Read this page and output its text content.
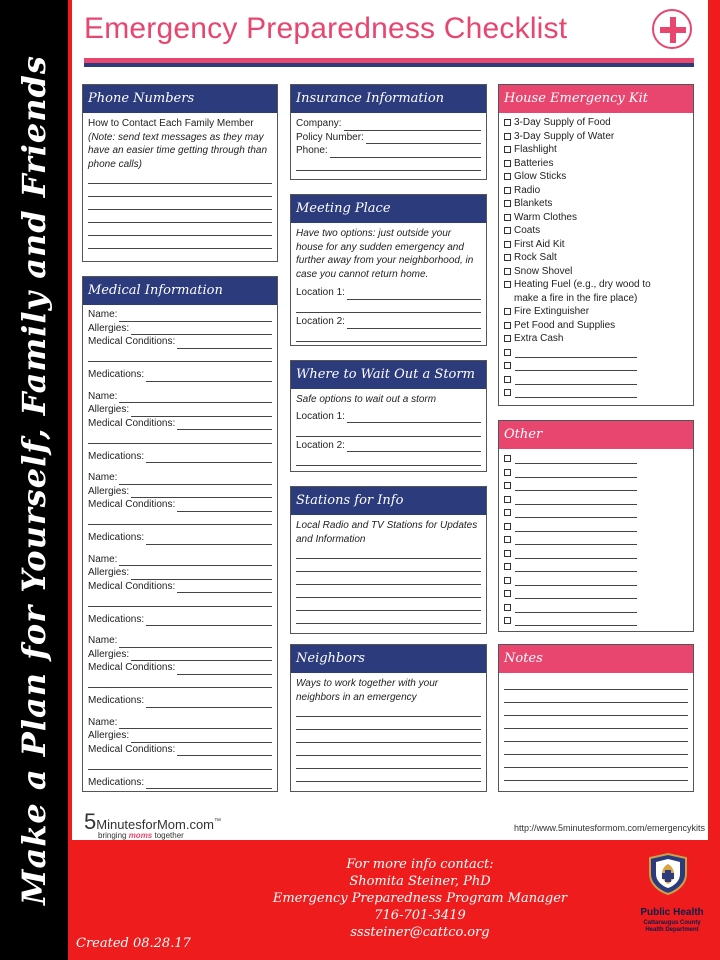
Make a Plan for Yourself, Family and Friends
Emergency Preparedness Checklist
Phone Numbers
How to Contact Each Family Member
(Note: send text messages as they may have an easier time getting through than phone calls)
Medical Information
Name:
Allergies:
Medical Conditions:
Medications:
Name:
Allergies:
Medical Conditions:
Medications:
Name:
Allergies:
Medical Conditions:
Medications:
Name:
Allergies:
Medical Conditions:
Medications:
Name:
Allergies:
Medical Conditions:
Medications:
Name:
Allergies:
Medical Conditions:
Medications:
Insurance Information
Company:
Policy Number:
Phone:
Meeting Place
Have two options: just outside your house for any sudden emergency and further away from your neighborhood, in case you cannot return home.
Location 1:
Location 2:
Where to Wait Out a Storm
Safe options to wait out a storm
Location 1:
Location 2:
Stations for Info
Local Radio and TV Stations for Updates and Information
Neighbors
Ways to work together with your neighbors in an emergency
House Emergency Kit
3-Day Supply of Food
3-Day Supply of Water
Flashlight
Batteries
Glow Sticks
Radio
Blankets
Warm Clothes
Coats
First Aid Kit
Rock Salt
Snow Shovel
Heating Fuel (e.g., dry wood to
make a fire in the fire place)
Fire Extinguisher
Pet Food and Supplies
Extra Cash
Other
Notes
5MinutesforMom.com™
bringing moms together
http://www.5minutesformom.com/emergencykits
For more info contact:
Shomita Steiner, PhD
Emergency Preparedness Program Manager
716-701-3419
sssteiner@cattco.org
Created 08.28.17
Public Health
Cattaraugus County
Health Department
